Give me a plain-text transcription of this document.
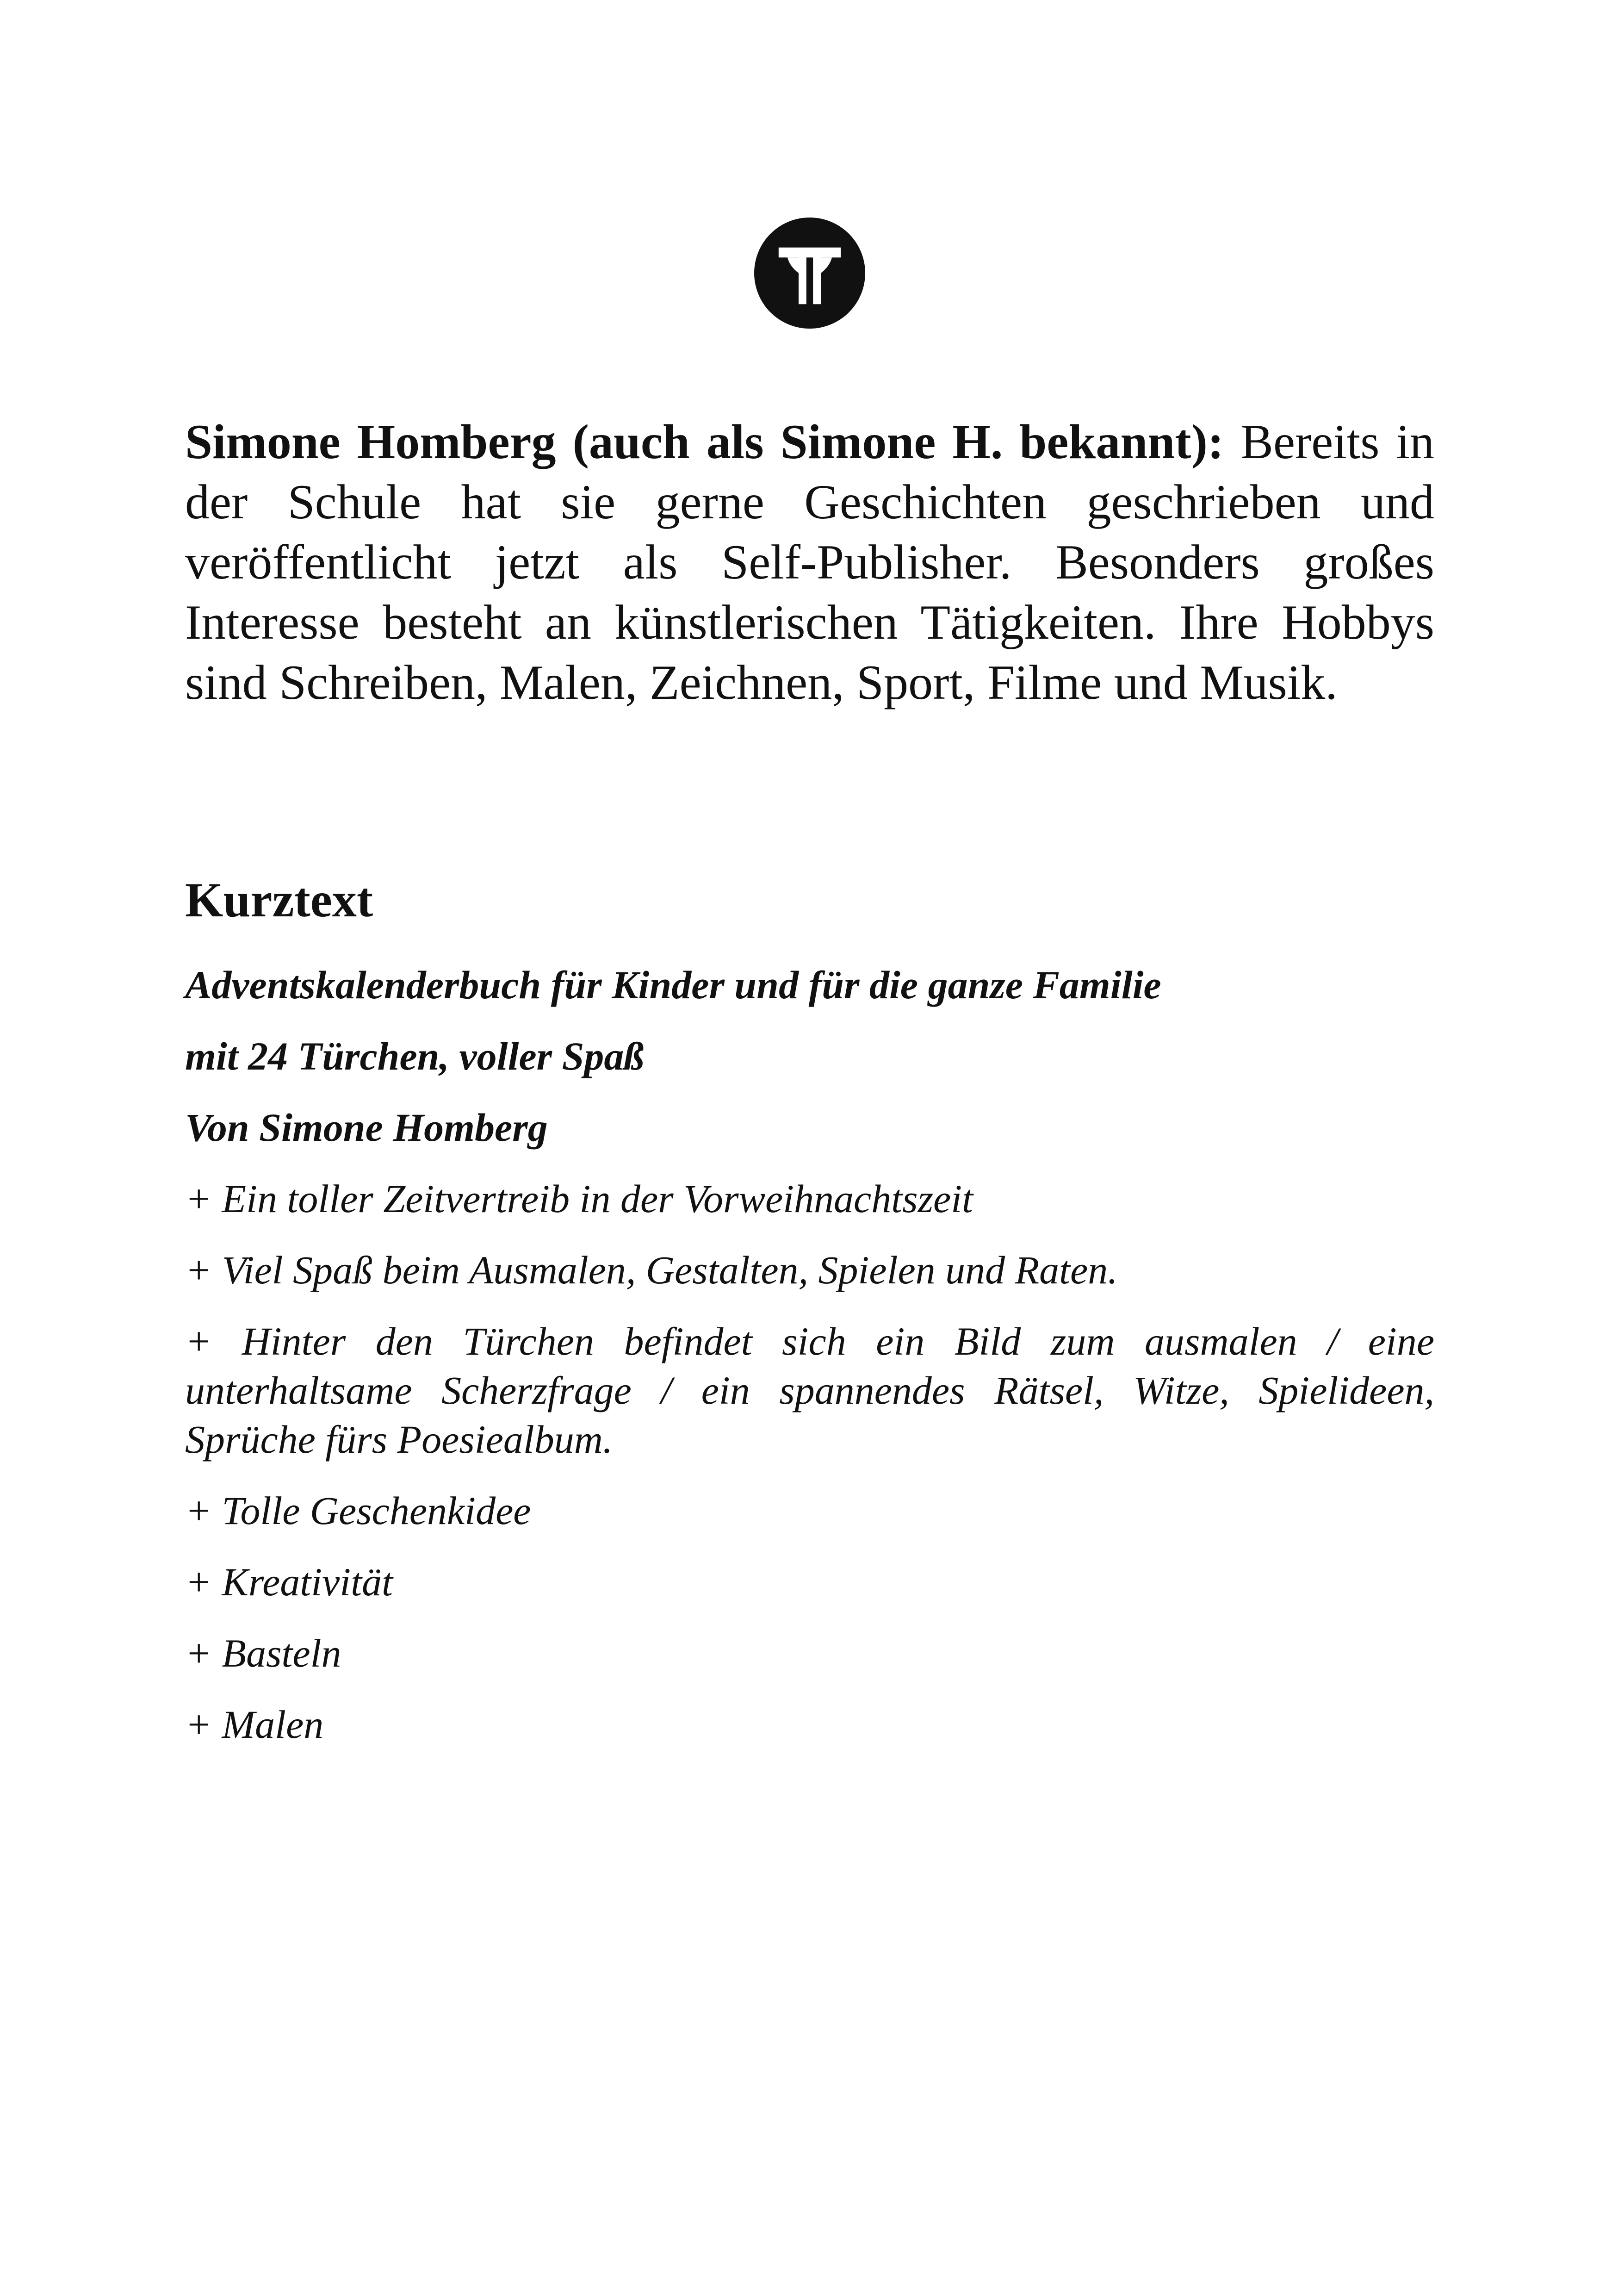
Simone Homberg (auch als Simone H. bekannt): Bereits in der Schule hat sie gerne Geschichten geschrieben und veröffentlicht jetzt als Self-Publisher. Besonders großes Interesse besteht an künstlerischen Tätigkeiten. Ihre Hobbys sind Schreiben, Malen, Zeichnen, Sport, Filme und Musik.

Kurztext

Adventskalenderbuch für Kinder und für die ganze Familie

mit 24 Türchen, voller Spaß

Von Simone Homberg

+ Ein toller Zeitvertreib in der Vorweihnachtszeit

+ Viel Spaß beim Ausmalen, Gestalten, Spielen und Raten.

+ Hinter den Türchen befindet sich ein Bild zum ausmalen / eine unterhaltsame Scherzfrage / ein spannendes Rätsel, Witze, Spielideen, Sprüche fürs Poesiealbum.

+ Tolle Geschenkidee

+ Kreativität

+ Basteln

+ Malen
